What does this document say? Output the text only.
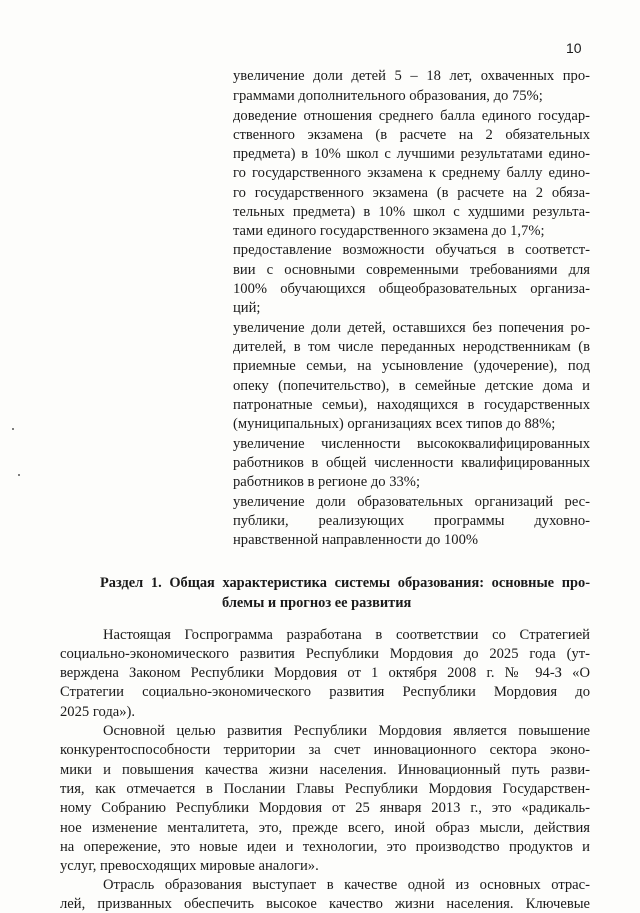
10
увеличение доли детей 5 – 18 лет, охваченных про-
граммами дополнительного образования, до 75%;
доведение отношения среднего балла единого государ-
ственного экзамена (в расчете на 2 обязательных
предмета) в 10% школ с лучшими результатами едино-
го государственного экзамена к среднему баллу едино-
го государственного экзамена (в расчете на 2 обяза-
тельных предмета) в 10% школ с худшими результа-
тами единого государственного экзамена до 1,7%;
предоставление возможности обучаться в соответст-
вии с основными современными требованиями для
100% обучающихся общеобразовательных организа-
ций;
увеличение доли детей, оставшихся без попечения ро-
дителей, в том числе переданных неродственникам (в
приемные семьи, на усыновление (удочерение), под
опеку (попечительство), в семейные детские дома и
патронатные семьи), находящихся в государственных
(муниципальных) организациях всех типов до 88%;
увеличение численности высококвалифицированных
работников в общей численности квалифицированных
работников в регионе до 33%;
увеличение доли образовательных организаций рес-
публики, реализующих программы духовно-
нравственной направленности до 100%
Раздел 1. Общая характеристика системы образования: основные про-
блемы и прогноз ее развития
Настоящая Госпрограмма разработана в соответствии со Стратегией
социально-экономического развития Республики Мордовия до 2025 года (ут-
верждена Законом Республики Мордовия от 1 октября 2008 г. № 94-З «О
Стратегии социально-экономического развития Республики Мордовия до
2025 года»).
Основной целью развития Республики Мордовия является повышение
конкурентоспособности территории за счет инновационного сектора эконо-
мики и повышения качества жизни населения. Инновационный путь разви-
тия, как отмечается в Послании Главы Республики Мордовия Государствен-
ному Собранию Республики Мордовия от 25 января 2013 г., это «радикаль-
ное изменение менталитета, это, прежде всего, иной образ мысли, действия
на опережение, это новые идеи и технологии, это производство продуктов и
услуг, превосходящих мировые аналоги».
Отрасль образования выступает в качестве одной из основных отрас-
лей, призванных обеспечить высокое качество жизни населения. Ключевые
